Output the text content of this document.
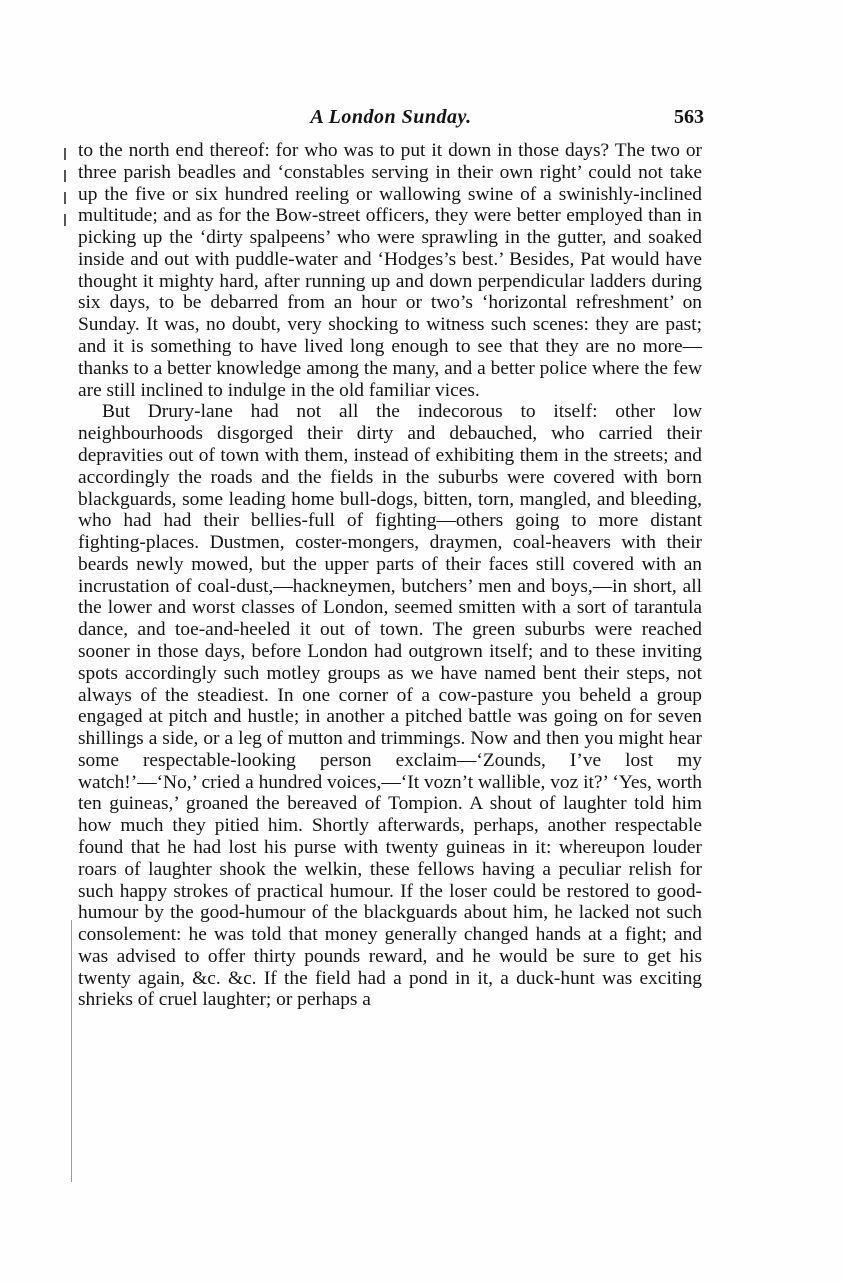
A London Sunday.	563

to the north end thereof: for who was to put it down in those days? The two or three parish beadles and ‘constables serving in their own right’ could not take up the five or six hundred reeling or wallowing swine of a swinishly-inclined multitude; and as for the Bow-street officers, they were better employed than in picking up the ‘dirty spalpeens’ who were sprawling in the gutter, and soaked inside and out with puddle-water and ‘Hodges’s best.’ Besides, Pat would have thought it mighty hard, after running up and down perpendicular ladders during six days, to be debarred from an hour or two’s ‘horizontal refreshment’ on Sunday. It was, no doubt, very shocking to witness such scenes: they are past; and it is something to have lived long enough to see that they are no more—thanks to a better knowledge among the many, and a better police where the few are still inclined to indulge in the old familiar vices.

But Drury-lane had not all the indecorous to itself: other low neighbourhoods disgorged their dirty and debauched, who carried their depravities out of town with them, instead of exhibiting them in the streets; and accordingly the roads and the fields in the suburbs were covered with born blackguards, some leading home bull-dogs, bitten, torn, mangled, and bleeding, who had had their bellies-full of fighting—others going to more distant fighting-places. Dustmen, coster-mongers, draymen, coal-heavers with their beards newly mowed, but the upper parts of their faces still covered with an incrustation of coal-dust,—hackneymen, butchers’ men and boys,—in short, all the lower and worst classes of London, seemed smitten with a sort of tarantula dance, and toe-and-heeled it out of town. The green suburbs were reached sooner in those days, before London had outgrown itself; and to these inviting spots accordingly such motley groups as we have named bent their steps, not always of the steadiest. In one corner of a cow-pasture you beheld a group engaged at pitch and hustle; in another a pitched battle was going on for seven shillings a side, or a leg of mutton and trimmings. Now and then you might hear some respectable-looking person exclaim—‘Zounds, I’ve lost my watch!’—‘No,’ cried a hundred voices,—‘It vozn’t wallible, voz it?’ ‘Yes, worth ten guineas,’ groaned the bereaved of Tompion. A shout of laughter told him how much they pitied him. Shortly afterwards, perhaps, another respectable found that he had lost his purse with twenty guineas in it: whereupon louder roars of laughter shook the welkin, these fellows having a peculiar relish for such happy strokes of practical humour. If the loser could be restored to good-humour by the good-humour of the blackguards about him, he lacked not such consolement: he was told that money generally changed hands at a fight; and was advised to offer thirty pounds reward, and he would be sure to get his twenty again, &c. &c. If the field had a pond in it, a duck-hunt was exciting shrieks of cruel laughter; or perhaps a
